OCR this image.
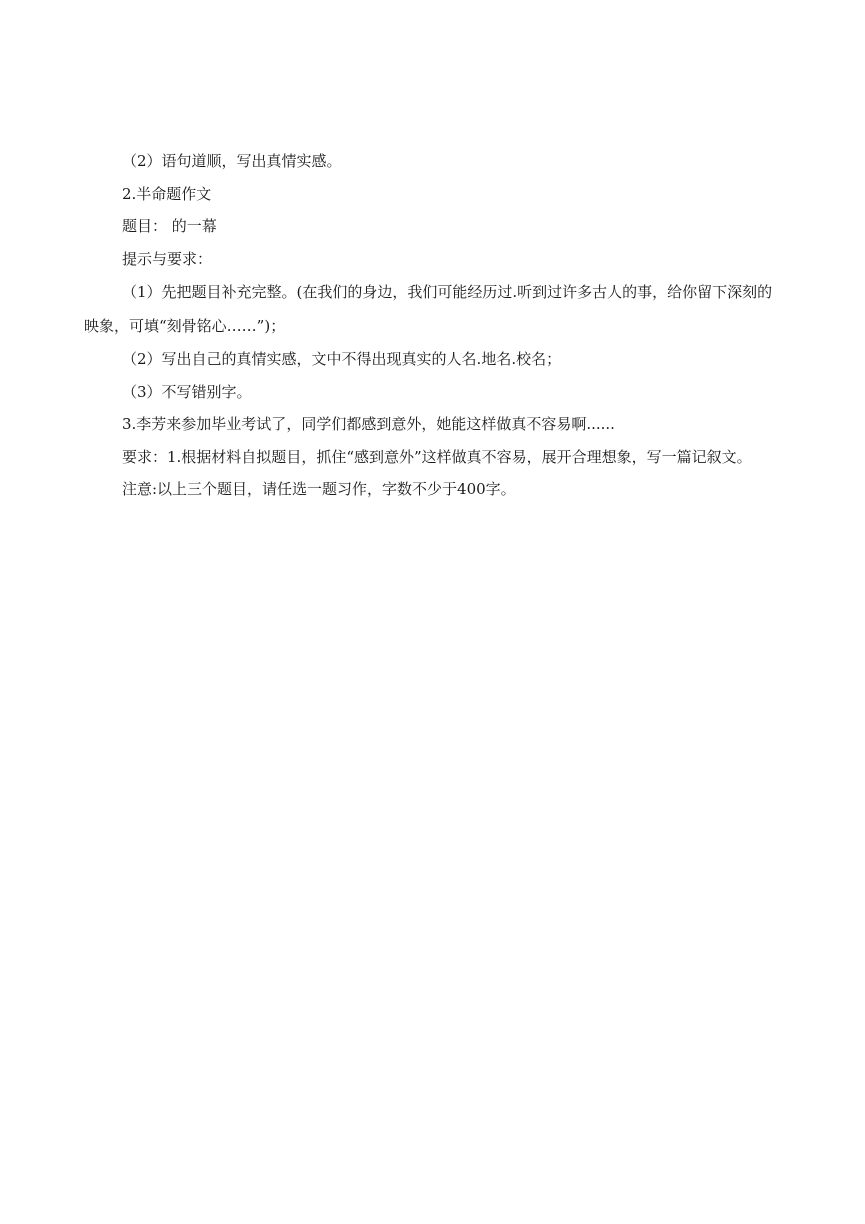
（2）语句道顺，写出真情实感。

2.半命题作文

题目： 的一幕

提示与要求：

（1）先把题目补充完整。(在我们的身边，我们可能经历过.听到过许多古人的事，给你留下深刻的映象，可填“刻骨铭心……”)；

（2）写出自己的真情实感，文中不得出现真实的人名.地名.校名；

（3）不写错别字。

3.李芳来参加毕业考试了，同学们都感到意外，她能这样做真不容易啊......

要求：1.根据材料自拟题目，抓住“感到意外”这样做真不容易，展开合理想象，写一篇记叙文。

注意:以上三个题目，请任选一题习作，字数不少于400字。
